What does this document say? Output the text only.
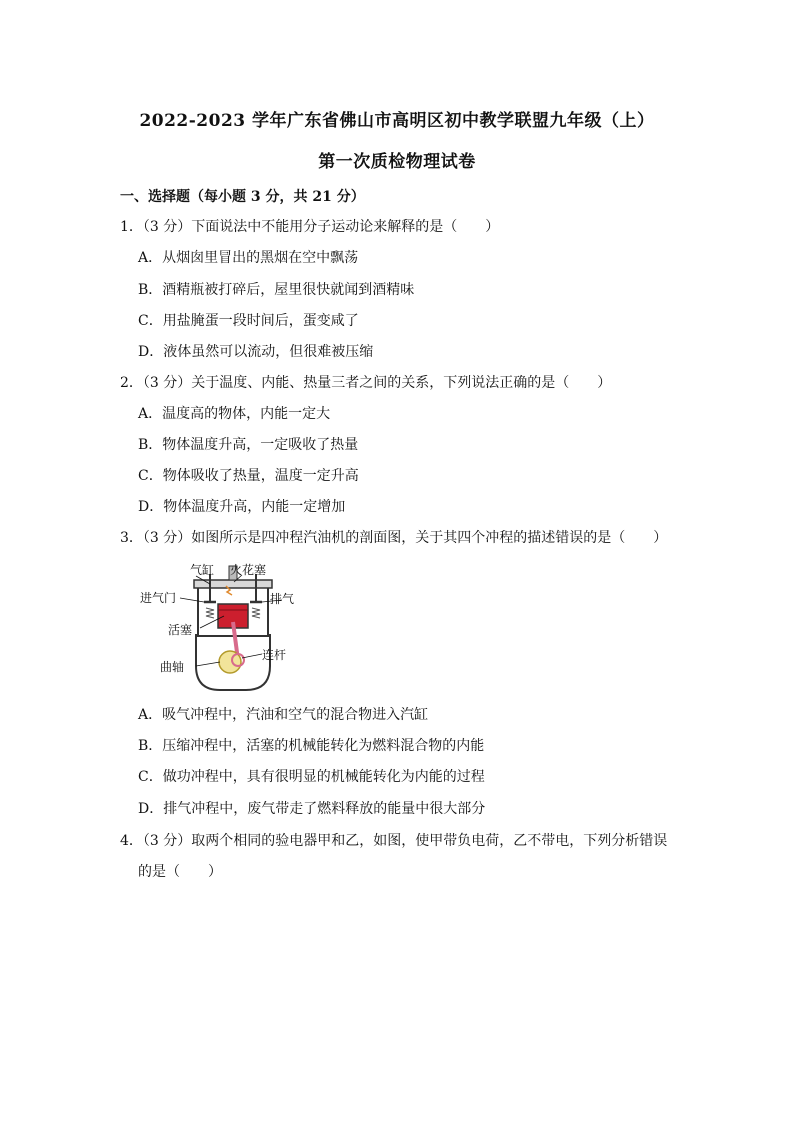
2022-2023 学年广东省佛山市高明区初中教学联盟九年级（上）
第一次质检物理试卷
一、选择题（每小题 3 分，共 21 分）
1．（3 分）下面说法中不能用分子运动论来解释的是（　　）
A．从烟囱里冒出的黑烟在空中飘荡
B．酒精瓶被打碎后，屋里很快就闻到酒精味
C．用盐腌蛋一段时间后，蛋变咸了
D．液体虽然可以流动，但很难被压缩
2．（3 分）关于温度、内能、热量三者之间的关系，下列说法正确的是（　　）
A．温度高的物体，内能一定大
B．物体温度升高，一定吸收了热量
C．物体吸收了热量，温度一定升高
D．物体温度升高，内能一定增加
3．（3 分）如图所示是四冲程汽油机的剖面图，关于其四个冲程的描述错误的是（　　）
气缸 火花塞
进气门	排气
活塞
曲轴
连杆
A．吸气冲程中，汽油和空气的混合物进入汽缸
B．压缩冲程中，活塞的机械能转化为燃料混合物的内能
C．做功冲程中，具有很明显的机械能转化为内能的过程
D．排气冲程中，废气带走了燃料释放的能量中很大部分
4．（3 分）取两个相同的验电器甲和乙，如图，使甲带负电荷，乙不带电，下列分析错误
的是（　　）
